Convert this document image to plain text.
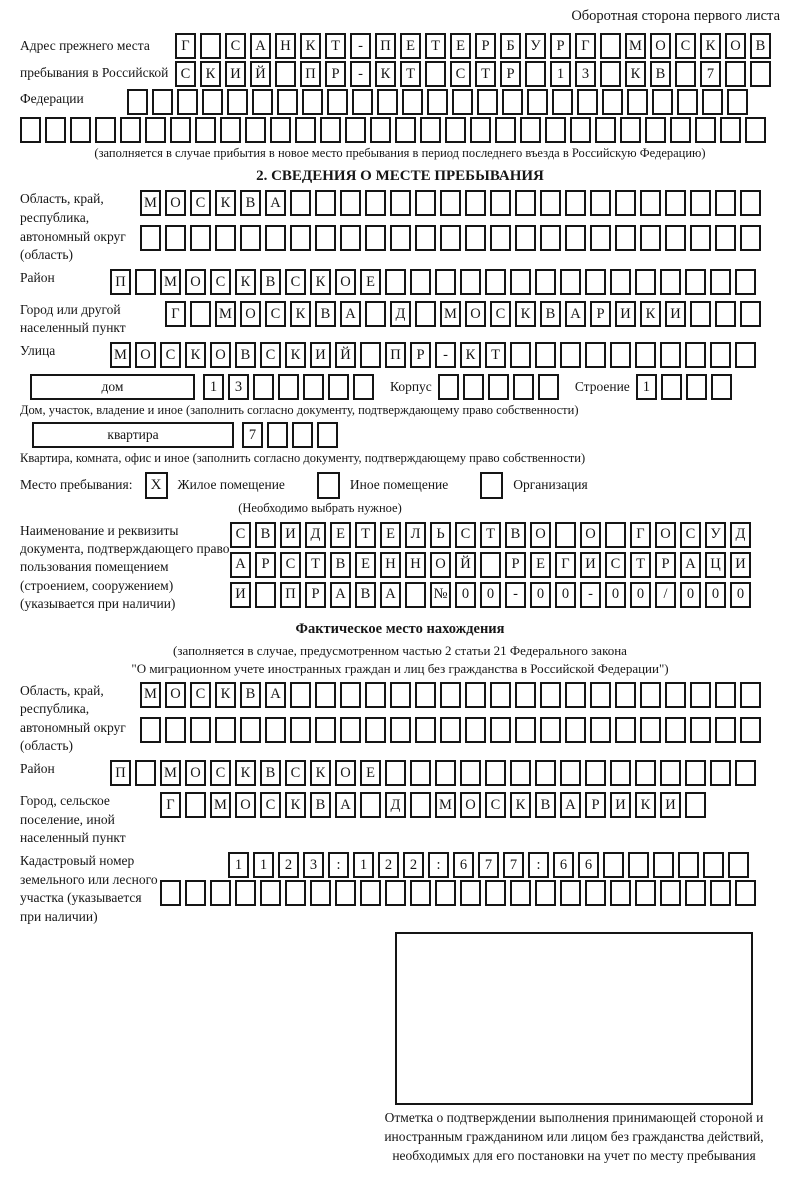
Оборотная сторона первого листа
Адрес прежнего места пребывания в Российской Федерации
Г	С	А	Н	К	Т	-	П	Е	Т	Е	Р	Б	У	Р	Г	М О	С	К	О	В
С	К	И	Й	П	Р	-	К	Т	С	Т	Р	1	3	К	В	7
(заполняется в случае прибытия в новое место пребывания в период последнего въезда в Российскую Федерацию)
2. СВЕДЕНИЯ О МЕСТЕ ПРЕБЫВАНИЯ
Область, край, республика, автономный округ (область)
М О	С	К	В	А
Район	П	М О	С	К	В	С	К	О	Е
Город или другой населенный пункт
Г	М О	С	К	В	А	Д	М О	С	К	В	А	Р	И	К	И
Улица	М О	С	К	О	В	С	К	И	Й	П	Р	-	К	Т
дом	1	3	Корпус	Строение 1
Дом, участок, владение и иное (заполнить согласно документу, подтверждающему право собственности)
квартира	7
Квартира, комната, офис и иное (заполнить согласно документу, подтверждающему право собственности)
Место пребывания:	X	Жилое помещение	Иное помещение	Организация
(Необходимо выбрать нужное)
Наименование и реквизиты документа, подтверждающего право пользования помещением (строением, сооружением) (указывается при наличии)
С	В	И	Д	Е	Т	Е	Л	Ь	С	Т	В	О	О	Г	О	С	У	Д
А	Р	С	Т	В	Е	Н	Н	О	Й	Р	Е	Г	И	С	Т	Р	А	Ц	И
И	П	Р	А	В	А	№ 0	0	-	0	0	-	0	0	/	0	0	0
Фактическое место нахождения
(заполняется в случае, предусмотренном частью 2 статьи 21 Федерального закона
"О миграционном учете иностранных граждан и лиц без гражданства в Российской Федерации")
Область, край, республика, автономный округ (область)
М О	С	К	В	А
Район	П	М О	С	К	В	С	К	О	Е
Город, сельское поселение, иной населенный пункт
Г	М О	С	К	В	А	Д	М О	С	К	В	А	Р	И	К	И
Кадастровый номер земельного или лесного участка (указывается при наличии)
1	1	2	3	:	1	2	2	:	6	7	7	:	6	6
Отметка о подтверждении выполнения принимающей стороной и иностранным гражданином или лицом без гражданства действий, необходимых для его постановки на учет по месту пребывания
